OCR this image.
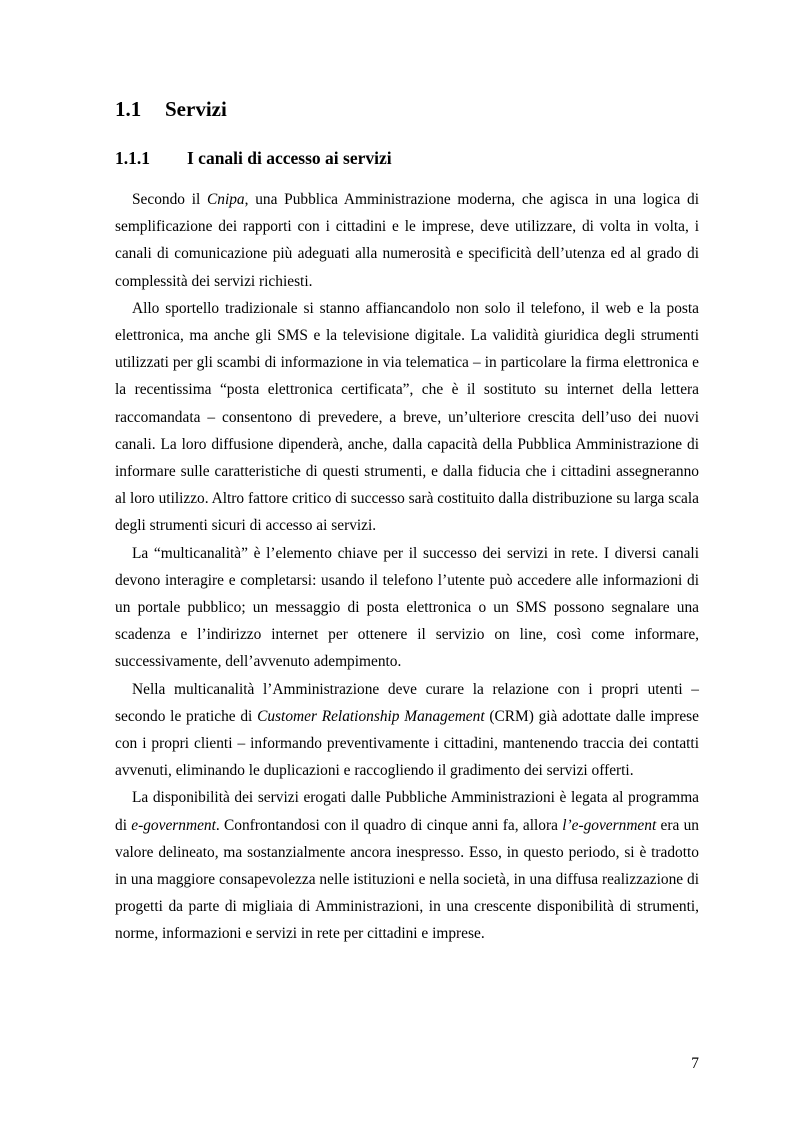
1.1 Servizi
1.1.1 I canali di accesso ai servizi

Secondo il Cnipa, una Pubblica Amministrazione moderna, che agisca in una logica di semplificazione dei rapporti con i cittadini e le imprese, deve utilizzare, di volta in volta, i canali di comunicazione più adeguati alla numerosità e specificità dell’utenza ed al grado di complessità dei servizi richiesti.

Allo sportello tradizionale si stanno affiancandolo non solo il telefono, il web e la posta elettronica, ma anche gli SMS e la televisione digitale. La validità giuridica degli strumenti utilizzati per gli scambi di informazione in via telematica – in particolare la firma elettronica e la recentissima “posta elettronica certificata”, che è il sostituto su internet della lettera raccomandata – consentono di prevedere, a breve, un’ulteriore crescita dell’uso dei nuovi canali. La loro diffusione dipenderà, anche, dalla capacità della Pubblica Amministrazione di informare sulle caratteristiche di questi strumenti, e dalla fiducia che i cittadini assegneranno al loro utilizzo. Altro fattore critico di successo sarà costituito dalla distribuzione su larga scala degli strumenti sicuri di accesso ai servizi.

La “multicanalità” è l’elemento chiave per il successo dei servizi in rete. I diversi canali devono interagire e completarsi: usando il telefono l’utente può accedere alle informazioni di un portale pubblico; un messaggio di posta elettronica o un SMS possono segnalare una scadenza e l’indirizzo internet per ottenere il servizio on line, così come informare, successivamente, dell’avvenuto adempimento.

Nella multicanalità l’Amministrazione deve curare la relazione con i propri utenti – secondo le pratiche di Customer Relationship Management (CRM) già adottate dalle imprese con i propri clienti – informando preventivamente i cittadini, mantenendo traccia dei contatti avvenuti, eliminando le duplicazioni e raccogliendo il gradimento dei servizi offerti.

La disponibilità dei servizi erogati dalle Pubbliche Amministrazioni è legata al programma di e-government. Confrontandosi con il quadro di cinque anni fa, allora l’e-government era un valore delineato, ma sostanzialmente ancora inespresso. Esso, in questo periodo, si è tradotto in una maggiore consapevolezza nelle istituzioni e nella società, in una diffusa realizzazione di progetti da parte di migliaia di Amministrazioni, in una crescente disponibilità di strumenti, norme, informazioni e servizi in rete per cittadini e imprese.

7
